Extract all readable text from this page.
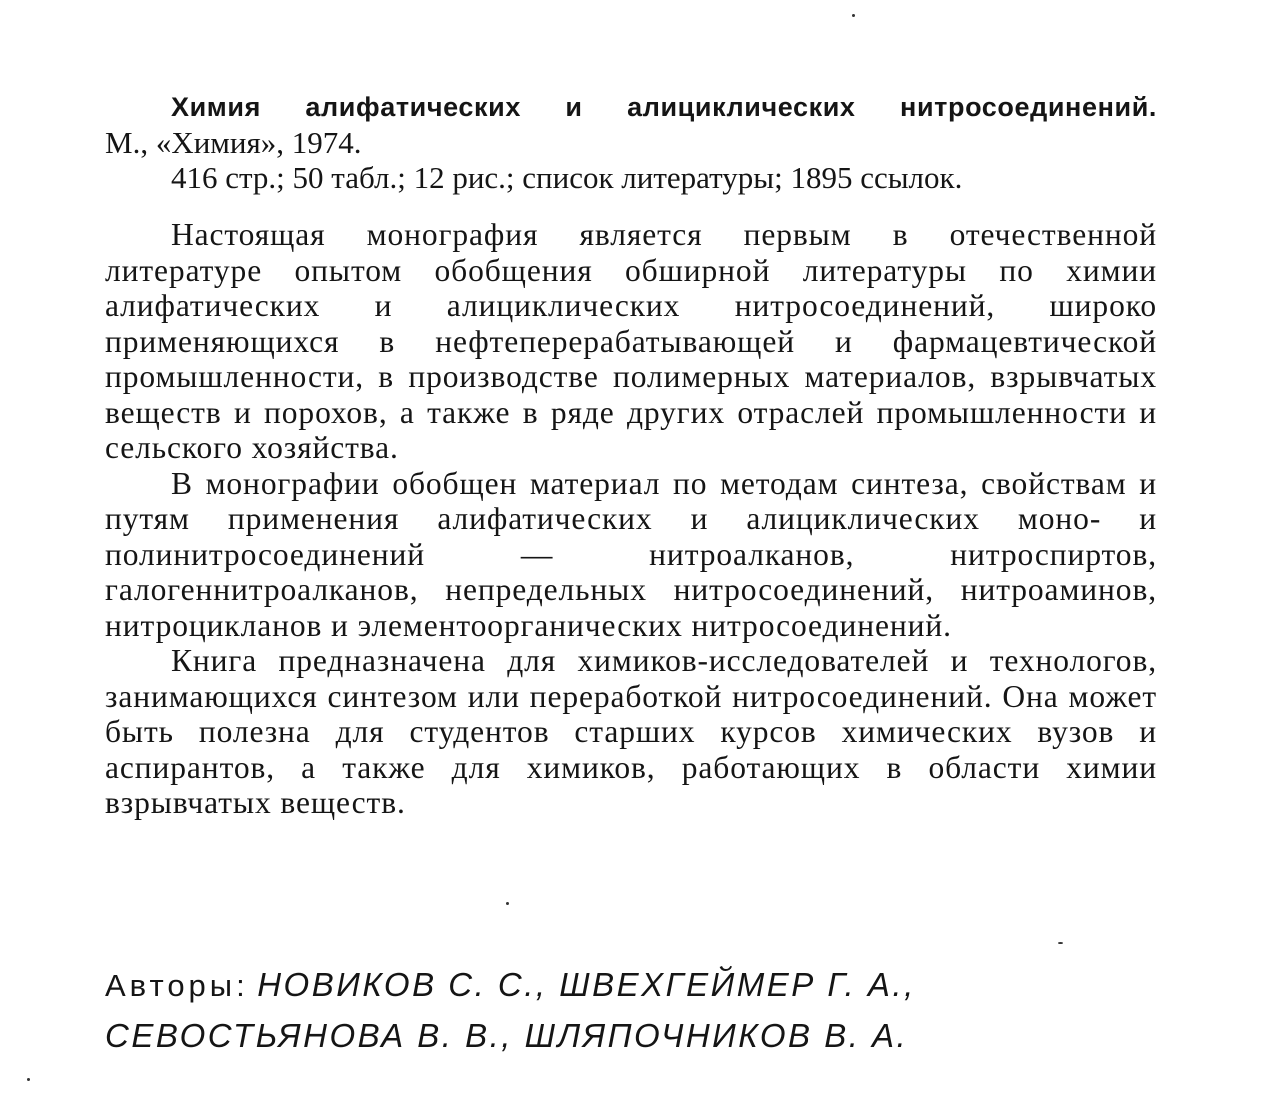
Химия алифатических и алициклических нитросоединений.
М., «Химия», 1974.
416 стр.; 50 табл.; 12 рис.; список литературы; 1895 ссылок.

Настоящая монография является первым в отечественной литературе опытом обобщения обширной литературы по химии алифатических и алициклических нитросоединений, широко применяющихся в нефтеперерабатывающей и фармацевтической промышленности, в производстве полимерных материалов, взрывчатых веществ и порохов, а также в ряде других отраслей промышленности и сельского хозяйства.

В монографии обобщен материал по методам синтеза, свойствам и путям применения алифатических и алициклических моно- и полинитросоединений — нитроалканов, нитроспиртов, галогеннитроалканов, непредельных нитросоединений, нитроаминов, нитроцикланов и элементоорганических нитросоединений.

Книга предназначена для химиков-исследователей и технологов, занимающихся синтезом или переработкой нитросоединений. Она может быть полезна для студентов старших курсов химических вузов и аспирантов, а также для химиков, работающих в области химии взрывчатых веществ.

Авторы: НОВИКОВ С. С., ШВЕХГЕЙМЕР Г. А.,
СЕВОСТЬЯНОВА В. В., ШЛЯПОЧНИКОВ В. А.
